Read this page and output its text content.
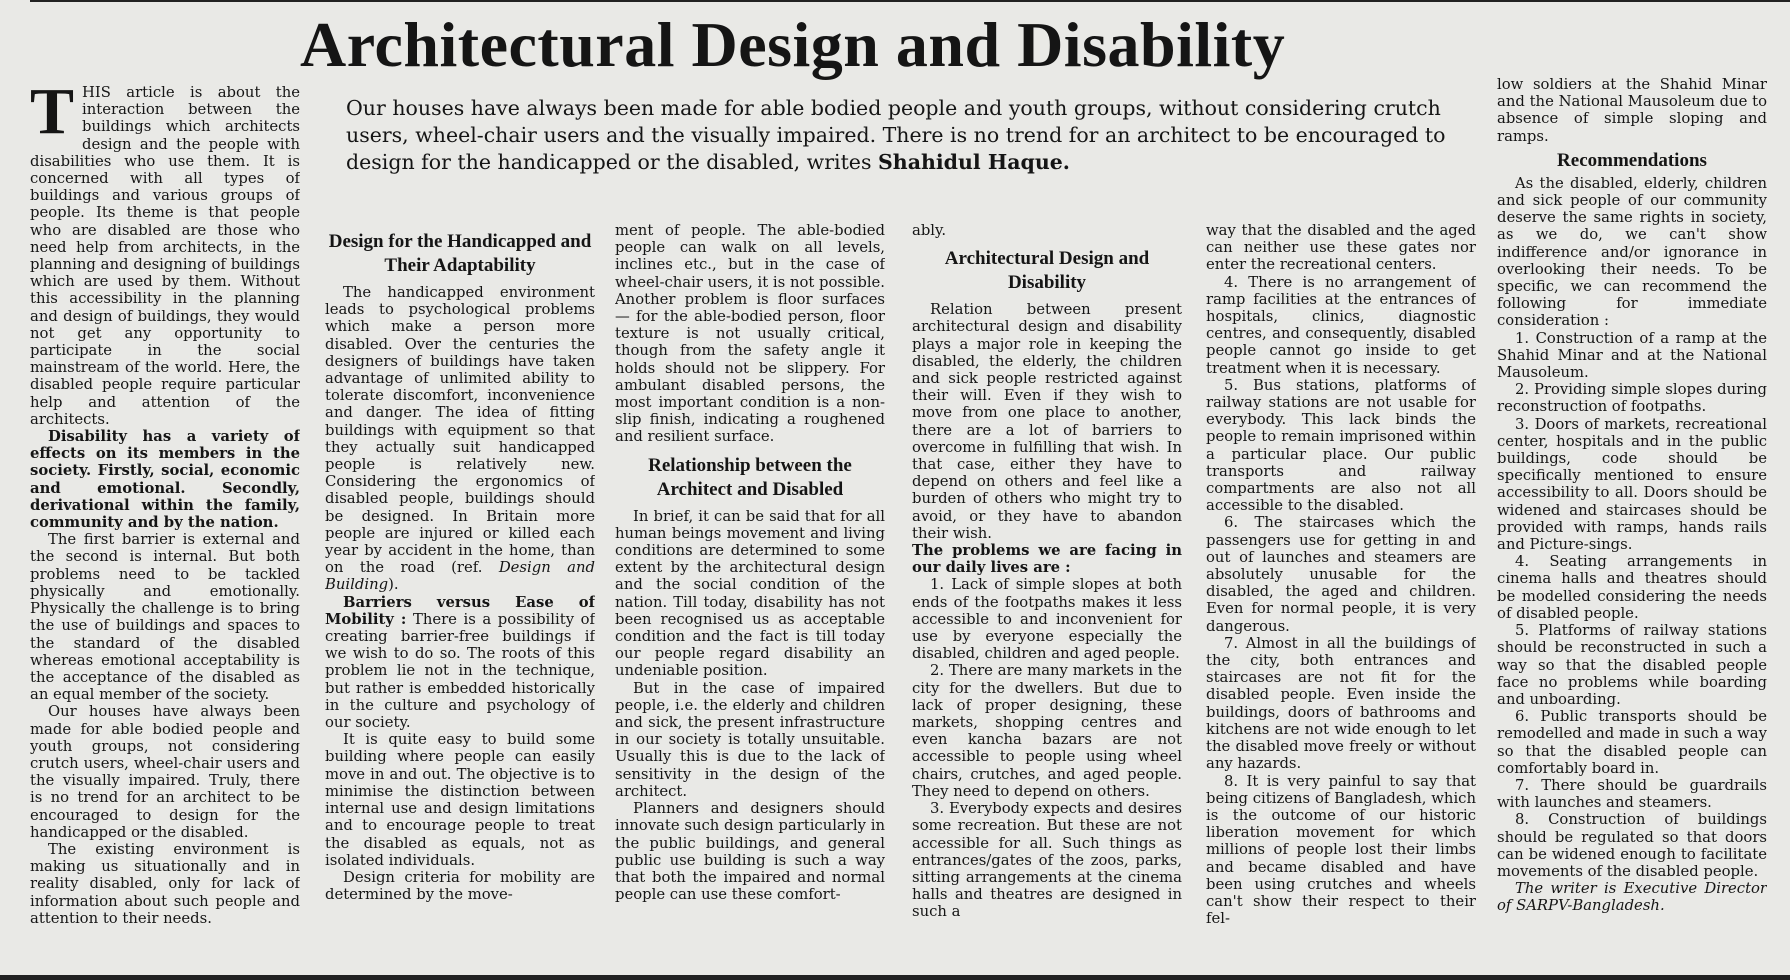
Architectural Design and Disability
Our houses have always been made for able bodied people and youth groups, without considering crutch users, wheel-chair users and the visually impaired. There is no trend for an architect to be encouraged to design for the handicapped or the disabled, writes Shahidul Haque.

T HIS article is about the interaction between the buildings which architects design and the people with disabilities who use them. It is concerned with all types of buildings and various groups of people. Its theme is that people who are disabled are those who need help from architects, in the planning and designing of buildings which are used by them. Without this accessibility in the planning and design of buildings, they would not get any opportunity to participate in the social mainstream of the world. Here, the disabled people require particular help and attention of the architects.

Disability has a variety of effects on its members in the society. Firstly, social, economic and emotional. Secondly, derivational within the family, community and by the nation.

The first barrier is external and the second is internal. But both problems need to be tackled physically and emotionally. Physically the challenge is to bring the use of buildings and spaces to the standard of the disabled whereas emotional acceptability is the acceptance of the disabled as an equal member of the society.

Our houses have always been made for able bodied people and youth groups, not considering crutch users, wheel-chair users and the visually impaired. Truly, there is no trend for an architect to be encouraged to design for the handicapped or the disabled.

The existing environment is making us situationally and in reality disabled, only for lack of information about such people and attention to their needs.

Design for the Handicapped and Their Adaptability

The handicapped environment leads to psychological problems which make a person more disabled. Over the centuries the designers of buildings have taken advantage of unlimited ability to tolerate discomfort, inconvenience and danger. The idea of fitting buildings with equipment so that they actually suit handicapped people is relatively new. Considering the ergonomics of disabled people, buildings should be designed. In Britain more people are injured or killed each year by accident in the home, than on the road (ref. Design and Building).

Barriers versus Ease of Mobility : There is a possibility of creating barrier-free buildings if we wish to do so. The roots of this problem lie not in the technique, but rather is embedded historically in the culture and psychology of our society.

It is quite easy to build some building where people can easily move in and out. The objective is to minimise the distinction between internal use and design limitations and to encourage people to treat the disabled as equals, not as isolated individuals.

Design criteria for mobility are determined by the move-

ment of people. The able-bodied people can walk on all levels, inclines etc., but in the case of wheel-chair users, it is not possible. Another problem is floor surfaces — for the able-bodied person, floor texture is not usually critical, though from the safety angle it holds should not be slippery. For ambulant disabled persons, the most important condition is a non-slip finish, indicating a roughened and resilient surface.

Relationship between the Architect and Disabled

In brief, it can be said that for all human beings movement and living conditions are determined to some extent by the architectural design and the social condition of the nation. Till today, disability has not been recognised us as acceptable condition and the fact is till today our people regard disability an undeniable position.

But in the case of impaired people, i.e. the elderly and children and sick, the present infrastructure in our society is totally unsuitable. Usually this is due to the lack of sensitivity in the design of the architect.

Planners and designers should innovate such design particularly in the public buildings, and general public use building is such a way that both the impaired and normal people can use these comfort-

ably.

Architectural Design and Disability

Relation between present architectural design and disability plays a major role in keeping the disabled, the elderly, the children and sick people restricted against their will. Even if they wish to move from one place to another, there are a lot of barriers to overcome in fulfilling that wish. In that case, either they have to depend on others and feel like a burden of others who might try to avoid, or they have to abandon their wish.

The problems we are facing in our daily lives are :

1. Lack of simple slopes at both ends of the footpaths makes it less accessible to and inconvenient for use by everyone especially the disabled, children and aged people.

2. There are many markets in the city for the dwellers. But due to lack of proper designing, these markets, shopping centres and even kancha bazars are not accessible to people using wheel chairs, crutches, and aged people. They need to depend on others.

3. Everybody expects and desires some recreation. But these are not accessible for all. Such things as entrances/gates of the zoos, parks, sitting arrangements at the cinema halls and theatres are designed in such a

way that the disabled and the aged can neither use these gates nor enter the recreational centers.

4. There is no arrangement of ramp facilities at the entrances of hospitals, clinics, diagnostic centres, and consequently, disabled people cannot go inside to get treatment when it is necessary.

5. Bus stations, platforms of railway stations are not usable for everybody. This lack binds the people to remain imprisoned within a particular place. Our public transports and railway compartments are also not all accessible to the disabled.

6. The staircases which the passengers use for getting in and out of launches and steamers are absolutely unusable for the disabled, the aged and children. Even for normal people, it is very dangerous.

7. Almost in all the buildings of the city, both entrances and staircases are not fit for the disabled people. Even inside the buildings, doors of bathrooms and kitchens are not wide enough to let the disabled move freely or without any hazards.

8. It is very painful to say that being citizens of Bangladesh, which is the outcome of our historic liberation movement for which millions of people lost their limbs and became disabled and have been using crutches and wheels can't show their respect to their fel-

low soldiers at the Shahid Minar and the National Mausoleum due to absence of simple sloping and ramps.

Recommendations

As the disabled, elderly, children and sick people of our community deserve the same rights in society, as we do, we can't show indifference and/or ignorance in overlooking their needs. To be specific, we can recommend the following for immediate consideration :

1. Construction of a ramp at the Shahid Minar and at the National Mausoleum.

2. Providing simple slopes during reconstruction of footpaths.

3. Doors of markets, recreational center, hospitals and in the public buildings, code should be specifically mentioned to ensure accessibility to all. Doors should be widened and staircases should be provided with ramps, hands rails and Picture-sings.

4. Seating arrangements in cinema halls and theatres should be modelled considering the needs of disabled people.

5. Platforms of railway stations should be reconstructed in such a way so that the disabled people face no problems while boarding and unboarding.

6. Public transports should be remodelled and made in such a way so that the disabled people can comfortably board in.

7. There should be guardrails with launches and steamers.

8. Construction of buildings should be regulated so that doors can be widened enough to facilitate movements of the disabled people.

The writer is Executive Director of SARPV-Bangladesh.
